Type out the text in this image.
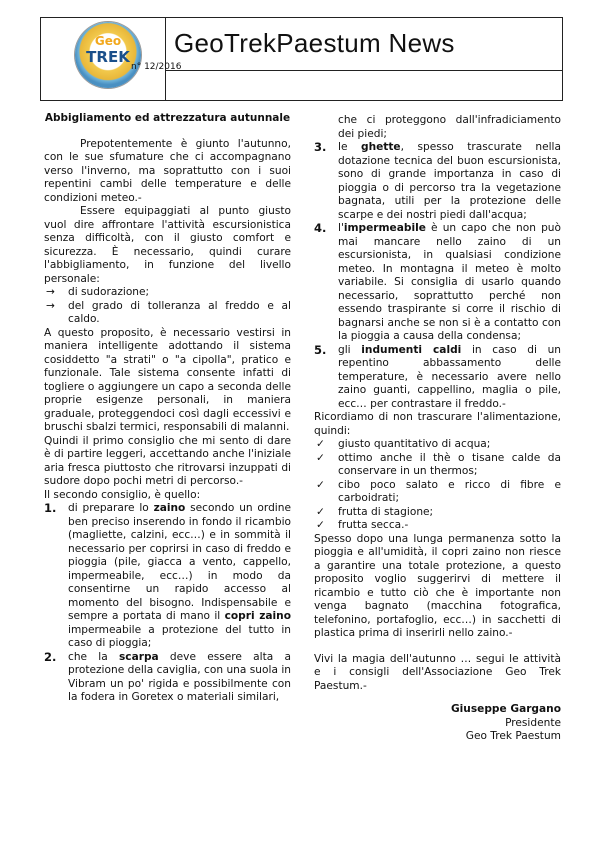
Geo
TREK	GeoTrekPaestum News
n° 12/2016
Abbigliamento ed attrezzatura autunnale

Prepotentemente è giunto l'autunno, con le sue sfumature che ci accompagnano verso l'inverno, ma soprattutto con i suoi repentini cambi delle temperature e delle condizioni meteo.-

Essere equipaggiati al punto giusto vuol dire affrontare l'attività escursionistica senza difficoltà, con il giusto comfort e sicurezza. È necessario, quindi curare l'abbigliamento, in funzione del livello personale:

→ di sudorazione;
→ del grado di tolleranza al freddo e al caldo.

A questo proposito, è necessario vestirsi in maniera intelligente adottando il sistema cosiddetto "a strati" o "a cipolla", pratico e funzionale. Tale sistema consente infatti di togliere o aggiungere un capo a seconda delle proprie esigenze personali, in maniera graduale, proteggendoci così dagli eccessivi e bruschi sbalzi termici, responsabili di malanni.

Quindi il primo consiglio che mi sento di dare è di partire leggeri, accettando anche l'iniziale aria fresca piuttosto che ritrovarsi inzuppati di sudore dopo pochi metri di percorso.-

Il secondo consiglio, è quello:

1. di preparare lo zaino secondo un ordine ben preciso inserendo in fondo il ricambio (magliette, calzini, ecc…) e in sommità il necessario per coprirsi in caso di freddo e pioggia (pile, giacca a vento, cappello, impermeabile, ecc…) in modo da consentirne un rapido accesso al momento del bisogno. Indispensabile e sempre a portata di mano il copri zaino impermeabile a protezione del tutto in caso di pioggia;
2. che la scarpa deve essere alta a protezione della caviglia, con una suola in Vibram un po' rigida e possibilmente con la fodera in Goretex o materiali similari,
che ci proteggono dall'infradiciamento dei piedi;
3. le ghette, spesso trascurate nella dotazione tecnica del buon escursionista, sono di grande importanza in caso di pioggia o di percorso tra la vegetazione bagnata, utili per la protezione delle scarpe e dei nostri piedi dall'acqua;
4. l'impermeabile è un capo che non può mai mancare nello zaino di un escursionista, in qualsiasi condizione meteo. In montagna il meteo è molto variabile. Si consiglia di usarlo quando necessario, soprattutto perché non essendo traspirante si corre il rischio di bagnarsi anche se non si è a contatto con la pioggia a causa della condensa;
5. gli indumenti caldi in caso di un repentino abbassamento delle temperature, è necessario avere nello zaino guanti, cappellino, maglia o pile, ecc… per contrastare il freddo.-

Ricordiamo di non trascurare l'alimentazione, quindi:

✓ giusto quantitativo di acqua;
✓ ottimo anche il thè o tisane calde da conservare in un thermos;
✓ cibo poco salato e ricco di fibre e carboidrati;
✓ frutta di stagione;
✓ frutta secca.-

Spesso dopo una lunga permanenza sotto la pioggia e all'umidità, il copri zaino non riesce a garantire una totale protezione, a questo proposito voglio suggerirvi di mettere il ricambio e tutto ciò che è importante non venga bagnato (macchina fotografica, telefonino, portafoglio, ecc…) in sacchetti di plastica prima di inserirli nello zaino.-

Vivi la magia dell'autunno … segui le attività e i consigli dell'Associazione Geo Trek Paestum.-

Giuseppe Gargano
Presidente
Geo Trek Paestum
